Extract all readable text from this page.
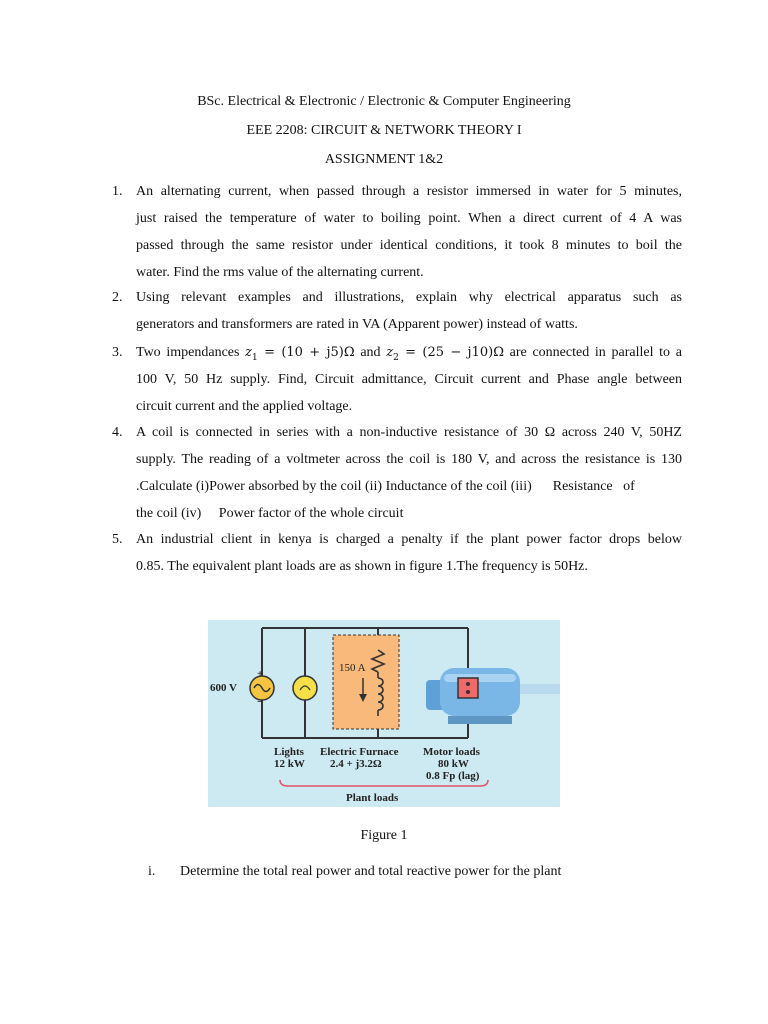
BSc. Electrical & Electronic / Electronic & Computer Engineering
EEE 2208: CIRCUIT & NETWORK THEORY I
ASSIGNMENT 1&2
1. An alternating current, when passed through a resistor immersed in water for 5 minutes,
just raised the temperature of water to boiling point. When a direct current of 4 A was
passed through the same resistor under identical conditions, it took 8 minutes to boil the
water. Find the rms value of the alternating current.
2. Using relevant examples and illustrations, explain why electrical apparatus such as
generators and transformers are rated in VA (Apparent power) instead of watts.
3. Two impendances $z_1 = (10 + j5)\Omega$ and $z_2 = (25 - j10)\Omega$ are connected in parallel to a
100 V, 50 Hz supply. Find, Circuit admittance, Circuit current and Phase angle between
circuit current and the applied voltage.
4. A coil is connected in series with a non-inductive resistance of 30 Ω across 240 V, 50HZ
supply. The reading of a voltmeter across the coil is 180 V, and across the resistance is 130
.Calculate (i)Power absorbed by the coil (ii) Inductance of the coil (iii)      Resistance   of
the coil (iv)     Power factor of the whole circuit
5. An industrial client in kenya is charged a penalty if the plant power factor drops below
0.85. The equivalent plant loads are as shown in figure 1.The frequency is 50Hz.
600 V
+
−
150 A
Lights
12 kW
Electric Furnace
2.4 + j3.2Ω
Motor loads
80 kW
0.8 Fp (lag)
Plant loads
Figure 1
i. Determine the total real power and total reactive power for the plant
